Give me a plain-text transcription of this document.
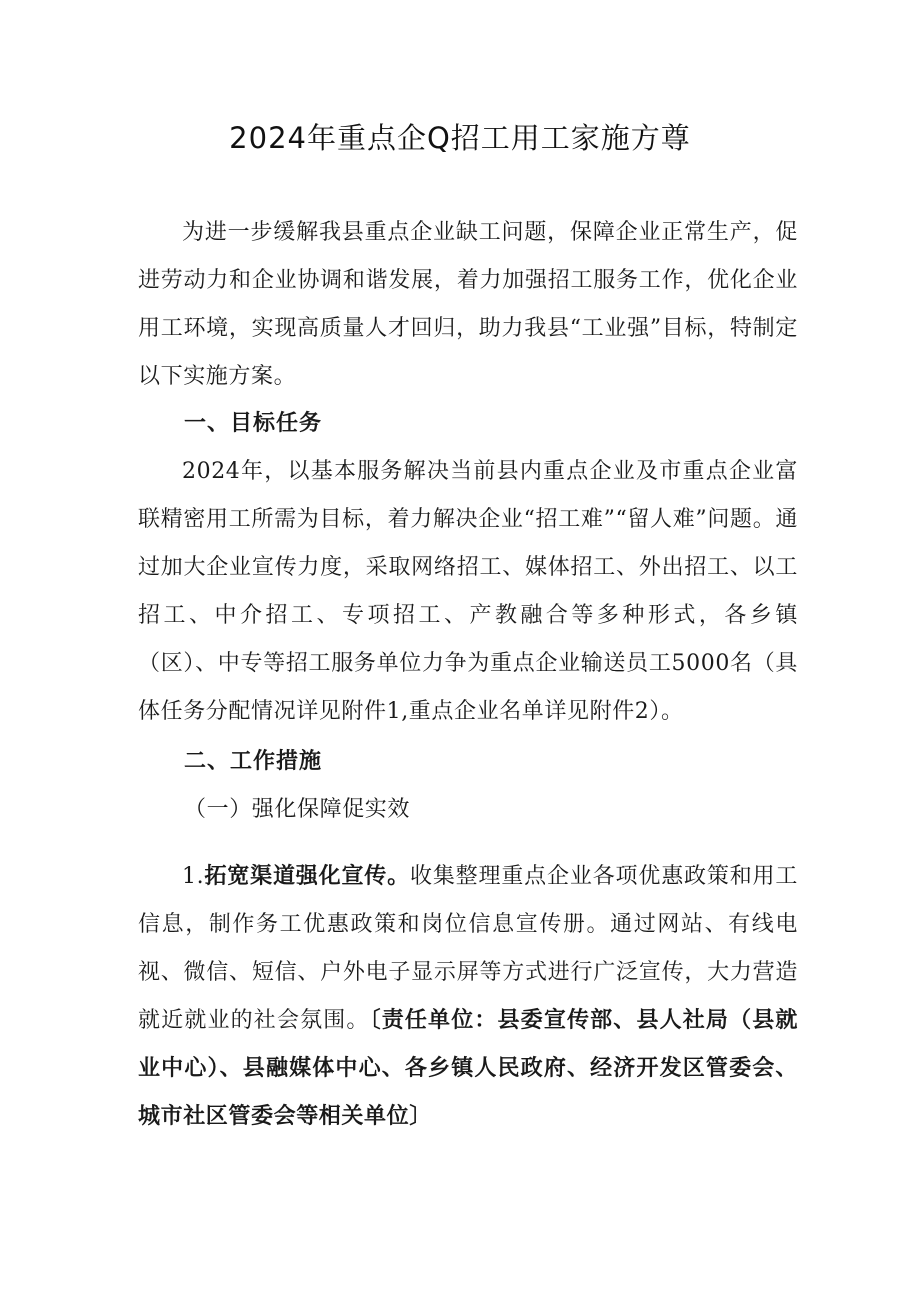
2024年重点企Q招工用工家施方尊
为进一步缓解我县重点企业缺工问题，保障企业正常生产，促进劳动力和企业协调和谐发展，着力加强招工服务工作，优化企业用工环境，实现高质量人才回归，助力我县“工业强”目标，特制定以下实施方案。
一、目标任务
2024年，以基本服务解决当前县内重点企业及市重点企业富联精密用工所需为目标，着力解决企业“招工难”“留人难”问题。通过加大企业宣传力度，采取网络招工、媒体招工、外出招工、以工招工、中介招工、专项招工、产教融合等多种形式，各乡镇（区）、中专等招工服务单位力争为重点企业输送员工5000名（具体任务分配情况详见附件1,重点企业名单详见附件2）。
二、工作措施
（一）强化保障促实效
1.拓宽渠道强化宣传。收集整理重点企业各项优惠政策和用工信息，制作务工优惠政策和岗位信息宣传册。通过网站、有线电视、微信、短信、户外电子显示屏等方式进行广泛宣传，大力营造就近就业的社会氛围。〔责任单位：县委宣传部、县人社局（县就业中心）、县融媒体中心、各乡镇人民政府、经济开发区管委会、城市社区管委会等相关单位〕
